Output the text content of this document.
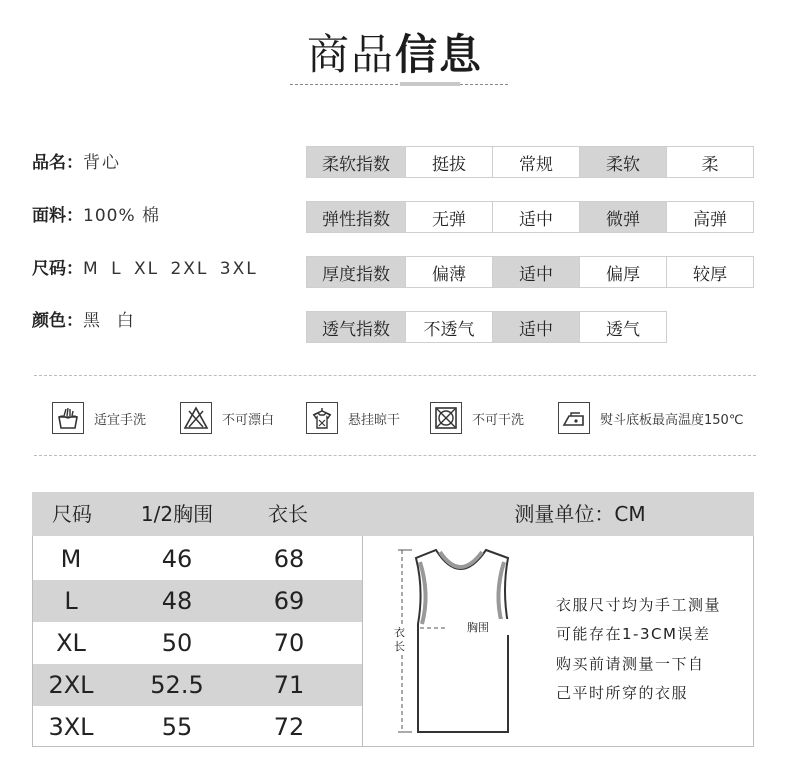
商品信息
品名：背心
面料：100% 棉
尺码：M L XL 2XL 3XL
颜色：黑  白
柔软指数	挺拔	常规	柔软	柔
弹性指数	无弹	适中	微弹	高弹
厚度指数	偏薄	适中	偏厚	较厚
透气指数	不透气	适中	透气
适宜手洗	不可漂白	悬挂晾干	不可干洗	熨斗底板最高温度150℃
尺码	1/2胸围	衣长	测量单位：CM
M	46	68
L	48	69
XL	50	70
2XL	52.5	71
3XL	55	72
胸围
衣
长
衣服尺寸均为手工测量
可能存在1-3CM误差
购买前请测量一下自
己平时所穿的衣服
